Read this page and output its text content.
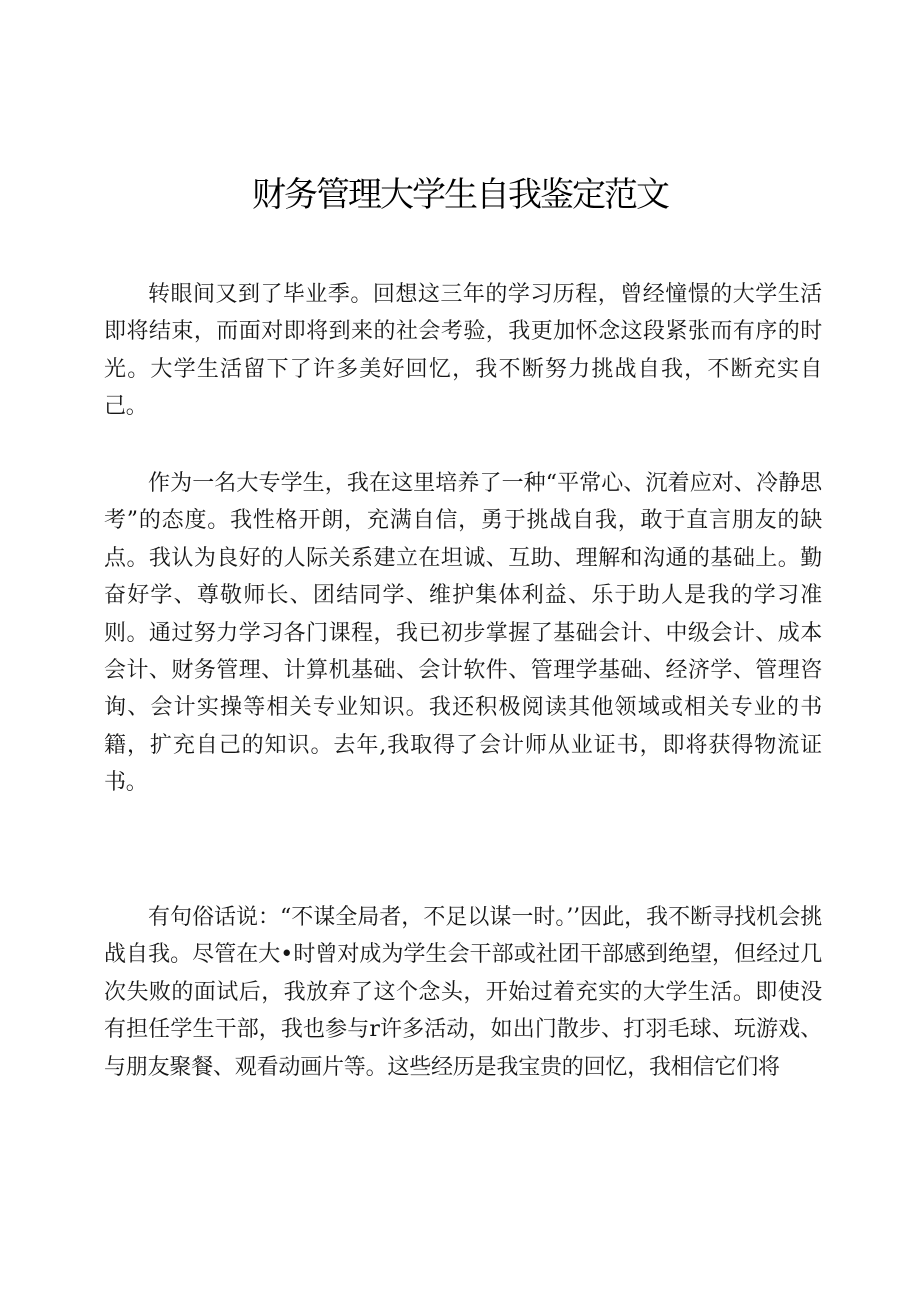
财务管理大学生自我鉴定范文

转眼间又到了毕业季。回想这三年的学习历程，曾经憧憬的大学生活即将结束，而面对即将到来的社会考验，我更加怀念这段紧张而有序的时光。大学生活留下了许多美好回忆，我不断努力挑战自我，不断充实自己。

作为一名大专学生，我在这里培养了一种“平常心、沉着应对、冷静思考”的态度。我性格开朗，充满自信，勇于挑战自我，敢于直言朋友的缺点。我认为良好的人际关系建立在坦诚、互助、理解和沟通的基础上。勤奋好学、尊敬师长、团结同学、维护集体利益、乐于助人是我的学习准则。通过努力学习各门课程，我已初步掌握了基础会计、中级会计、成本会计、财务管理、计算机基础、会计软件、管理学基础、经济学、管理咨询、会计实操等相关专业知识。我还积极阅读其他领域或相关专业的书籍，扩充自己的知识。去年,我取得了会计师从业证书，即将获得物流证书。

有句俗话说：“不谋全局者，不足以谋一时。’’因此，我不断寻找机会挑战自我。尽管在大•时曾对成为学生会干部或社团干部感到绝望，但经过几次失败的面试后，我放弃了这个念头，开始过着充实的大学生活。即使没有担任学生干部，我也参与r许多活动，如出门散步、打羽毛球、玩游戏、与朋友聚餐、观看动画片等。这些经历是我宝贵的回忆，我相信它们将
